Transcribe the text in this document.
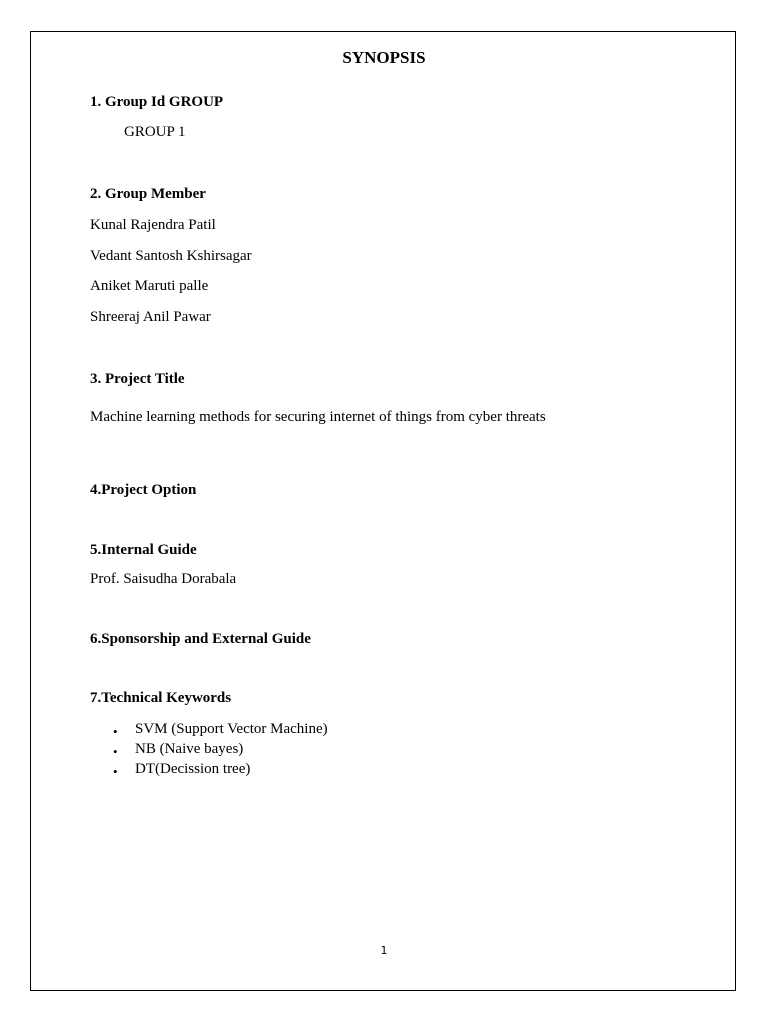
SYNOPSIS
1. Group Id GROUP
GROUP 1
2. Group Member
Kunal Rajendra Patil
Vedant Santosh Kshirsagar
Aniket Maruti palle
Shreeraj Anil Pawar
3. Project Title
Machine learning methods for securing internet of things from cyber threats
4.Project Option
5.Internal Guide
Prof. Saisudha Dorabala
6.Sponsorship and External Guide
7.Technical Keywords
• SVM (Support Vector Machine)
• NB (Naive bayes)
• DT(Decission tree)
1
